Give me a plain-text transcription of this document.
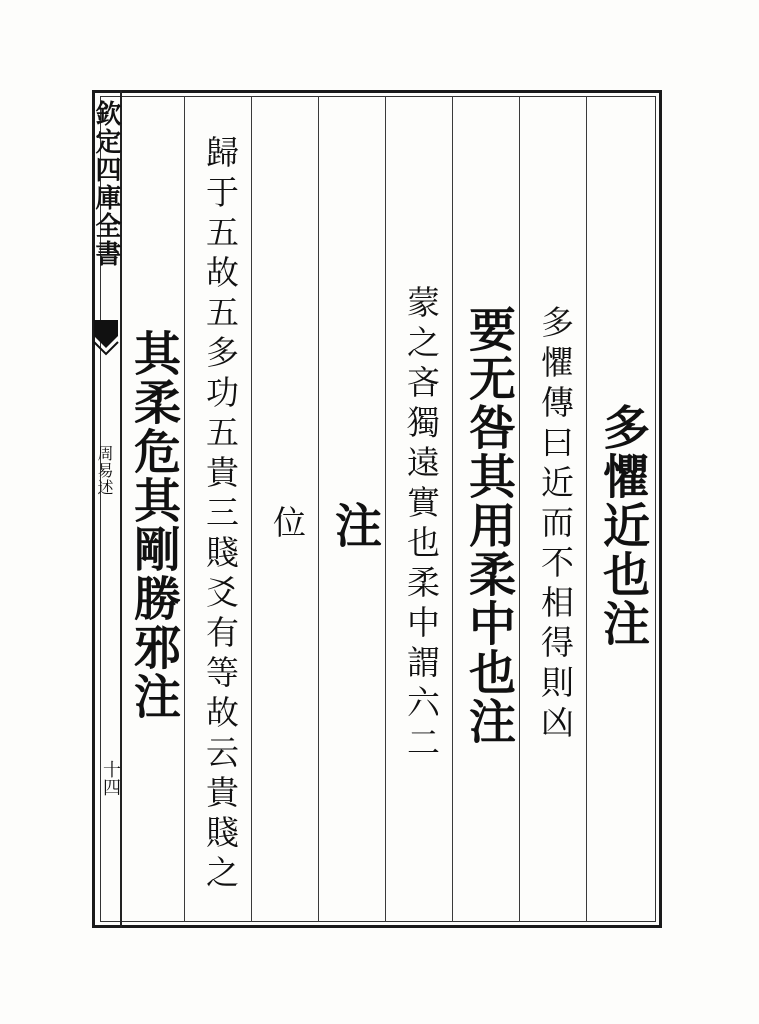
欽定四庫全書
周易述
十四
多懼近也注
多懼傳曰近而不相得則凶
要无咎其用柔中也注
蒙之吝獨遠實也柔中謂六二
注
位
歸于五故五多功五貴三賤爻有等故云貴賤之
其柔危其剛勝邪注
